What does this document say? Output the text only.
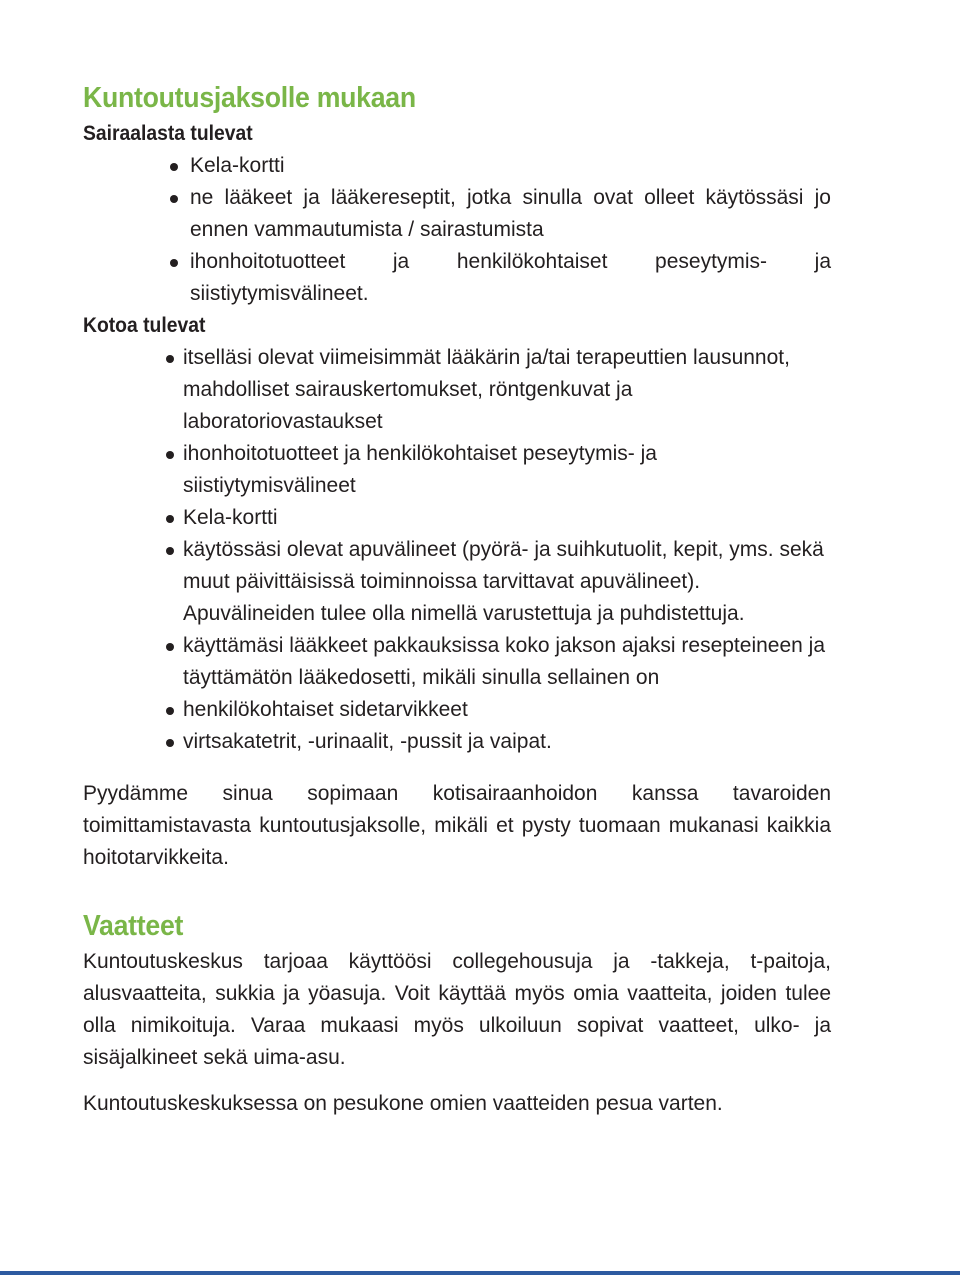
Kuntoutusjaksolle mukaan
Sairaalasta tulevat
Kela-kortti
ne lääkeet ja lääkereseptit, jotka sinulla ovat olleet käytössäsi jo ennen vammautumista / sairastumista
ihonhoitotuotteet ja henkilökohtaiset peseytymis- ja siistiytymisvälineet.
Kotoa tulevat
itselläsi olevat viimeisimmät lääkärin ja/tai terapeuttien lausunnot, mahdolliset sairauskertomukset, röntgenkuvat ja laboratoriovastaukset
ihonhoitotuotteet ja henkilökohtaiset peseytymis- ja siistiytymisvälineet
Kela-kortti
käytössäsi olevat apuvälineet (pyörä- ja suihkutuolit, kepit, yms. sekä muut päivittäisissä toiminnoissa tarvittavat apuvälineet). Apuvälineiden tulee olla nimellä varustettuja ja puhdistettuja.
käyttämäsi lääkkeet pakkauksissa koko jakson ajaksi resepteineen ja täyttämätön lääkedosetti, mikäli sinulla sellainen on
henkilökohtaiset sidetarvikkeet
virtsakatetrit, -urinaalit, -pussit ja vaipat.

Pyydämme sinua sopimaan kotisairaanhoidon kanssa tavaroiden toimittamistavasta kuntoutusjaksolle, mikäli et pysty tuomaan mukanasi kaikkia hoitotarvikkeita.

Vaatteet

Kuntoutuskeskus tarjoaa käyttöösi collegehousuja ja -takkeja, t-paitoja, alusvaatteita, sukkia ja yöasuja. Voit käyttää myös omia vaatteita, joiden tulee olla nimikoituja. Varaa mukaasi myös ulkoiluun sopivat vaatteet, ulko- ja sisäjalkineet sekä uima-asu.

Kuntoutuskeskuksessa on pesukone omien vaatteiden pesua varten.
